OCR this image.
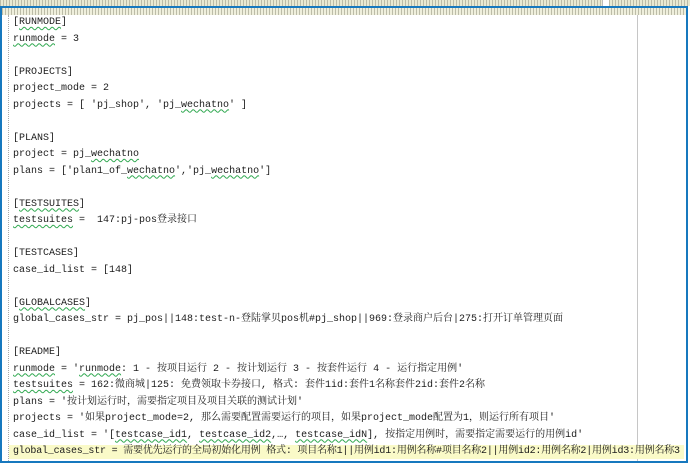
[RUNMODE]
runmode = 3

[PROJECTS]
project_mode = 2
projects = [ 'pj_shop', 'pj_wechatno' ]

[PLANS]
project = pj_wechatno
plans = ['plan1_of_wechatno','pj_wechatno']

[TESTSUITES]
testsuites =  147:pj-pos登录接口

[TESTCASES]
case_id_list = [148]

[GLOBALCASES]
global_cases_str = pj_pos||148:test-n-登陆掌贝pos机#pj_shop||969:登录商户后台|275:打开订单管理页面

[README]
runmode = 'runmode: 1 - 按项目运行 2 - 按计划运行 3 - 按套件运行 4 - 运行指定用例'
testsuites = 162:微商城|125: 免费领取卡券接口, 格式: 套件1id:套件1名称套件2id:套件2名称
plans = '按计划运行时，需要指定项目及项目关联的测试计划'
projects = '如果project_mode=2, 那么需要配置需要运行的项目，如果project_mode配置为1，则运行所有项目'
case_id_list = '[testcase_id1, testcase_id2,…, testcase_idN], 按指定用例时，需要指定需要运行的用例id'
global_cases_str = 需要优先运行的全局初始化用例 格式: 项目名称1||用例id1:用例名称#项目名称2||用例id2:用例名称2|用例id3:用例名称3
